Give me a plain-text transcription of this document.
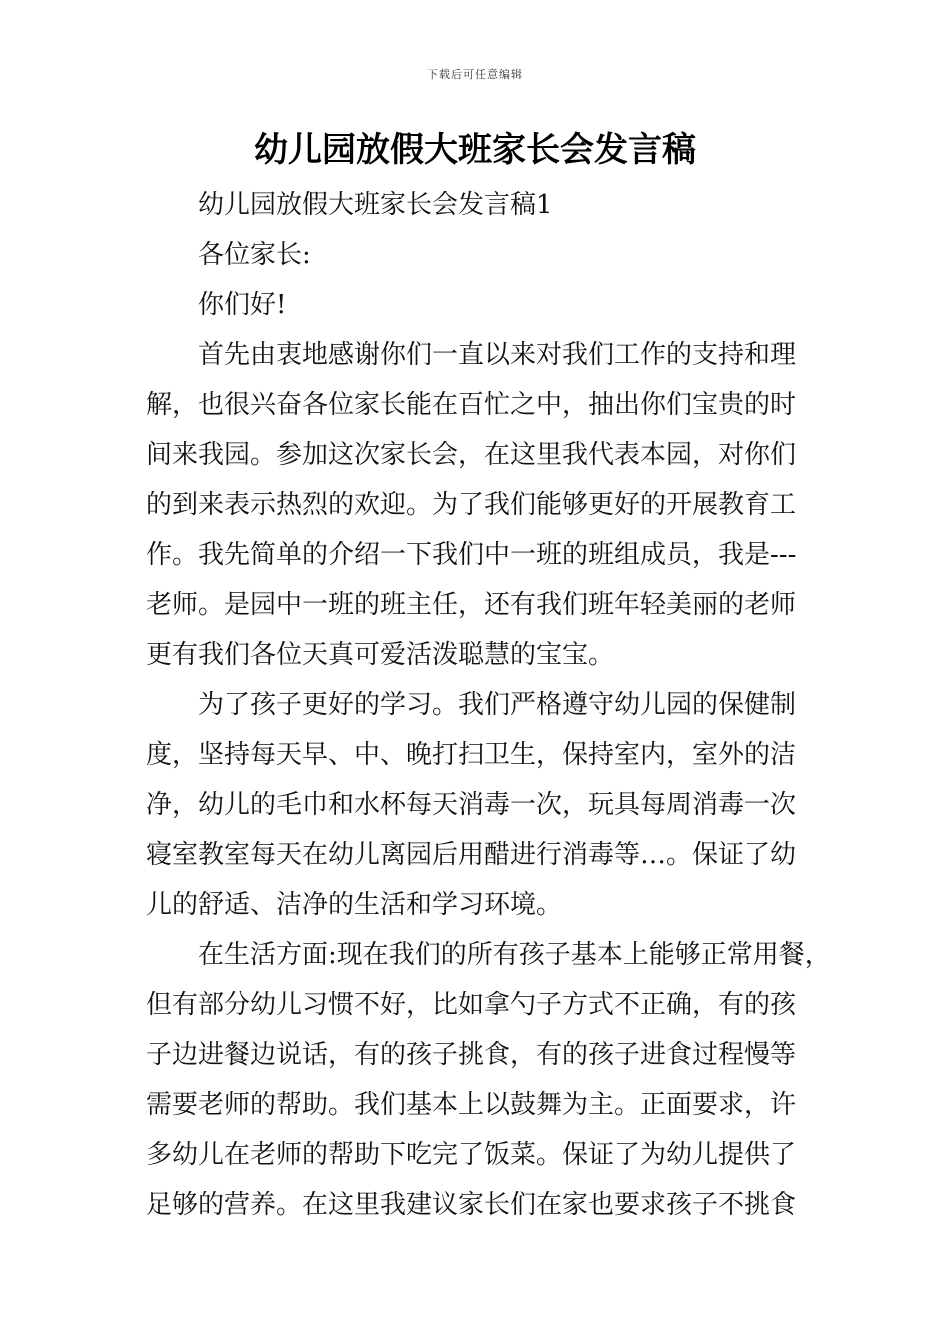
下载后可任意编辑
幼儿园放假大班家长会发言稿

幼儿园放假大班家长会发言稿1

各位家长:

你们好!

首先由衷地感谢你们一直以来对我们工作的支持和理

解，也很兴奋各位家长能在百忙之中，抽出你们宝贵的时

间来我园。参加这次家长会，在这里我代表本园，对你们

的到来表示热烈的欢迎。为了我们能够更好的开展教育工

作。我先简单的介绍一下我们中一班的班组成员，我是---

老师。是园中一班的班主任，还有我们班年轻美丽的老师

更有我们各位天真可爱活泼聪慧的宝宝。

为了孩子更好的学习。我们严格遵守幼儿园的保健制

度，坚持每天早、中、晚打扫卫生，保持室内，室外的洁

净，幼儿的毛巾和水杯每天消毒一次，玩具每周消毒一次

寝室教室每天在幼儿离园后用醋进行消毒等…。保证了幼

儿的舒适、洁净的生活和学习环境。

在生活方面:现在我们的所有孩子基本上能够正常用餐，

但有部分幼儿习惯不好，比如拿勺子方式不正确，有的孩

子边进餐边说话，有的孩子挑食，有的孩子进食过程慢等

需要老师的帮助。我们基本上以鼓舞为主。正面要求，许

多幼儿在老师的帮助下吃完了饭菜。保证了为幼儿提供了

足够的营养。在这里我建议家长们在家也要求孩子不挑食
